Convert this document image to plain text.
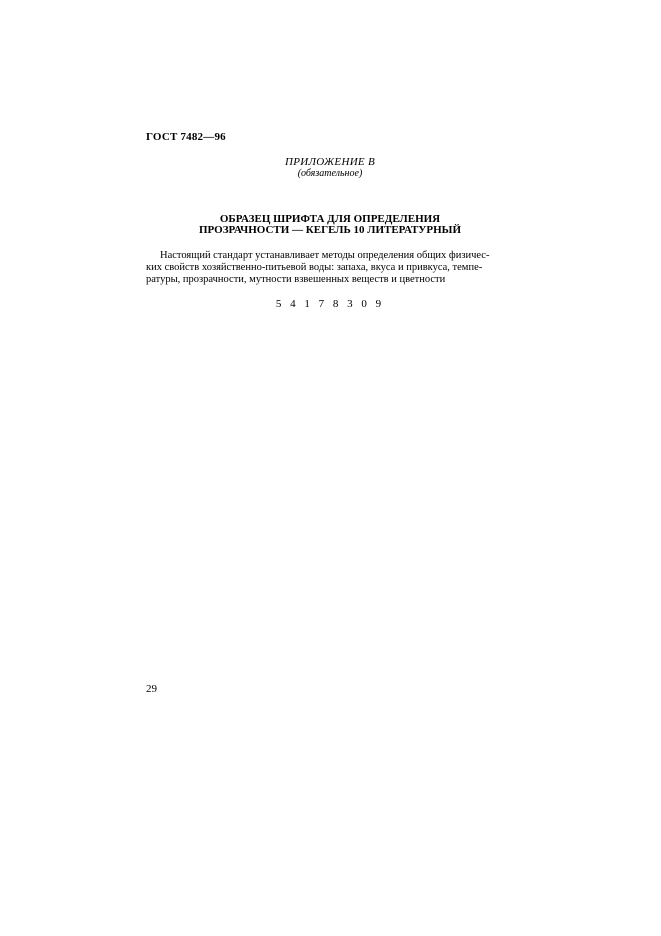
ГОСТ 7482—96
ПРИЛОЖЕНИЕ В
(обязательное)
ОБРАЗЕЦ ШРИФТА ДЛЯ ОПРЕДЕЛЕНИЯ
ПРОЗРАЧНОСТИ — КЕГЕЛЬ 10 ЛИТЕРАТУРНЫЙ
Настоящий стандарт устанавливает методы определения общих физичес-
ких свойств хозяйственно-питьевой воды: запаха, вкуса и привкуса, темпе-
ратуры, прозрачности, мутности взвешенных веществ и цветности
5 4 1 7 8 3 0 9
29
